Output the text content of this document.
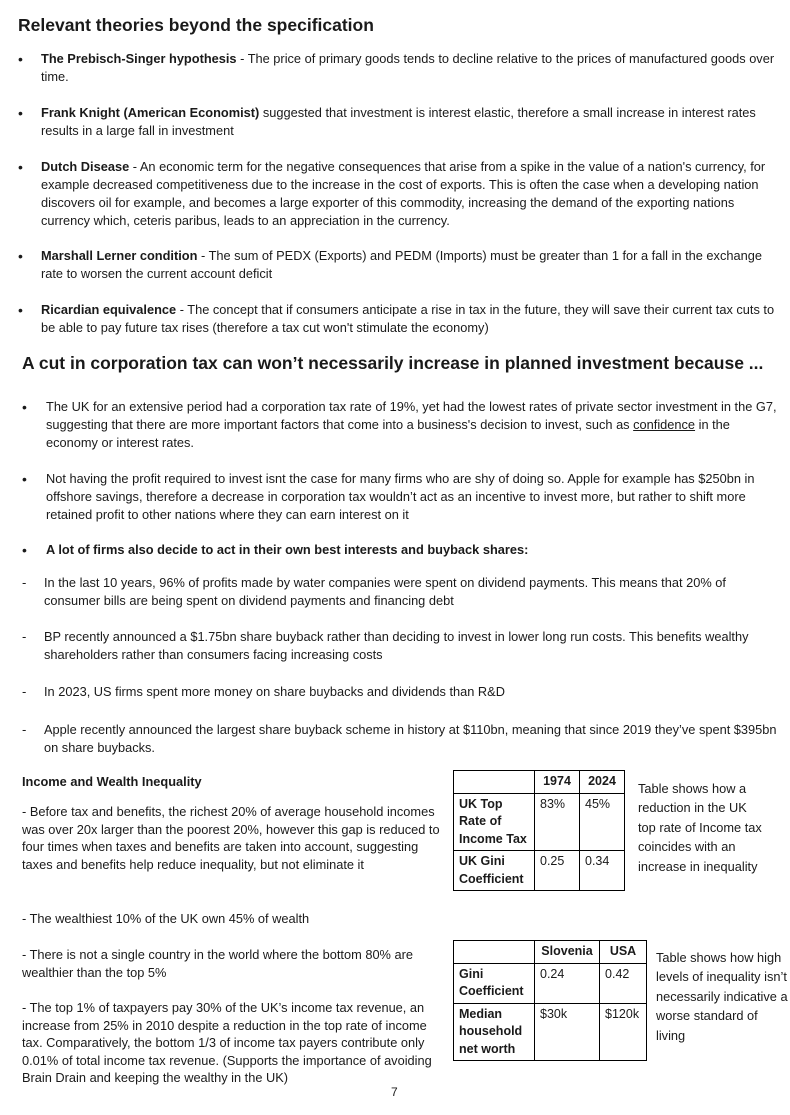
Relevant theories beyond the specification
• The Prebisch-Singer hypothesis - The price of primary goods tends to decline relative to the prices of manufactured goods over time.
• Frank Knight (American Economist) suggested that investment is interest elastic, therefore a small increase in interest rates results in a large fall in investment
• Dutch Disease - An economic term for the negative consequences that arise from a spike in the value of a nation's currency, for example decreased competitiveness due to the increase in the cost of exports. This is often the case when a developing nation discovers oil for example, and becomes a large exporter of this commodity, increasing the demand of the exporting nations currency which, ceteris paribus, leads to an appreciation in the currency.
• Marshall Lerner condition - The sum of PEDX (Exports) and PEDM (Imports) must be greater than 1 for a fall in the exchange rate to worsen the current account deficit
• Ricardian equivalence - The concept that if consumers anticipate a rise in tax in the future, they will save their current tax cuts to be able to pay future tax rises (therefore a tax cut won't stimulate the economy)
A cut in corporation tax can won’t necessarily increase in planned investment because ...
• The UK for an extensive period had a corporation tax rate of 19%, yet had the lowest rates of private sector investment in the G7, suggesting that there are more important factors that come into a business's decision to invest, such as confidence in the economy or interest rates.
• Not having the profit required to invest isnt the case for many firms who are shy of doing so. Apple for example has $250bn in offshore savings, therefore a decrease in corporation tax wouldn’t act as an incentive to invest more, but rather to shift more retained profit to other nations where they can earn interest on it
• A lot of firms also decide to act in their own best interests and buyback shares:
- In the last 10 years, 96% of profits made by water companies were spent on dividend payments. This means that 20% of consumer bills are being spent on dividend payments and financing debt
- BP recently announced a $1.75bn share buyback rather than deciding to invest in lower long run costs. This benefits wealthy shareholders rather than consumers facing increasing costs
- In 2023, US firms spent more money on share buybacks and dividends than R&D
- Apple recently announced the largest share buyback scheme in history at $110bn, meaning that since 2019 they’ve spent $395bn on share buybacks.
Income and Wealth Inequality
- Before tax and benefits, the richest 20% of average household incomes was over 20x larger than the poorest 20%, however this gap is reduced to four times when taxes and benefits are taken into account, suggesting taxes and benefits help reduce inequality, but not eliminate it
- The wealthiest 10% of the UK own 45% of wealth
- There is not a single country in the world where the bottom 80% are wealthier than the top 5%
- The top 1% of taxpayers pay 30% of the UK’s income tax revenue, an increase from 25% in 2010 despite a reduction in the top rate of income tax. Comparatively, the bottom 1/3 of income tax payers contribute only 0.01% of total income tax revenue. (Supports the importance of avoiding Brain Drain and keeping the wealthy in the UK)
	1974	2024
UK Top Rate of Income Tax	83%	45%
UK Gini Coefficient	0.25	0.34
Table shows how a reduction in the UK top rate of Income tax coincides with an increase in inequality
	Slovenia	USA
Gini Coefficient	0.24	0.42
Median household net worth	$30k	$120k
Table shows how high levels of inequality isn’t necessarily indicative a worse standard of living
7
